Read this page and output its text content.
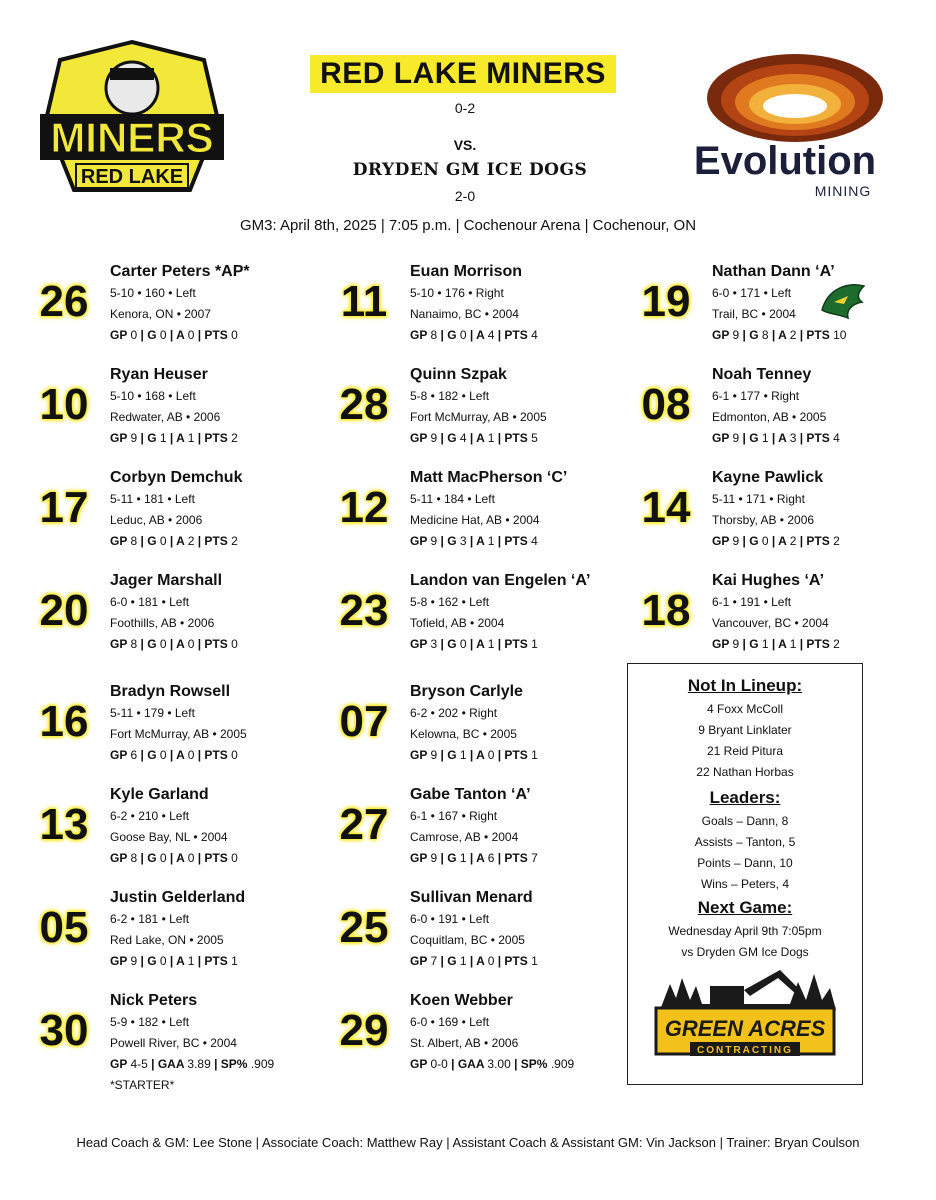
MINERS
RED LAKE	Evolution
MINING
RED LAKE MINERS
0-2
VS.
DRYDEN GM ICE DOGS
2-0
GM3: April 8th, 2025 | 7:05 p.m. | Cochenour Arena | Cochenour, ON
26
Carter Peters *AP*
5-10 • 160 • Left
Kenora, ON • 2007
GP 0 | G 0 | A 0 | PTS 0
10
Ryan Heuser
5-10 • 168 • Left
Redwater, AB • 2006
GP 9 | G 1 | A 1 | PTS 2
17
Corbyn Demchuk
5-11 • 181 • Left
Leduc, AB • 2006
GP 8 | G 0 | A 2 | PTS 2
20
Jager Marshall
6-0 • 181 • Left
Foothills, AB • 2006
GP 8 | G 0 | A 0 | PTS 0
16
Bradyn Rowsell
5-11 • 179 • Left
Fort McMurray, AB • 2005
GP 6 | G 0 | A 0 | PTS 0
13
Kyle Garland
6-2 • 210 • Left
Goose Bay, NL • 2004
GP 8 | G 0 | A 0 | PTS 0
05
Justin Gelderland
6-2 • 181 • Left
Red Lake, ON • 2005
GP 9 | G 0 | A 1 | PTS 1
11
Euan Morrison
5-10 • 176 • Right
Nanaimo, BC • 2004
GP 8 | G 0 | A 4 | PTS 4
28
Quinn Szpak
5-8 • 182 • Left
Fort McMurray, AB • 2005
GP 9 | G 4 | A 1 | PTS 5
12
Matt MacPherson ‘C’
5-11 • 184 • Left
Medicine Hat, AB • 2004
GP 9 | G 3 | A 1 | PTS 4
23
Landon van Engelen ‘A’
5-8 • 162 • Left
Tofield, AB • 2004
GP 3 | G 0 | A 1 | PTS 1
07
Bryson Carlyle
6-2 • 202 • Right
Kelowna, BC • 2005
GP 9 | G 1 | A 0 | PTS 1
27
Gabe Tanton ‘A’
6-1 • 167 • Right
Camrose, AB • 2004
GP 9 | G 1 | A 6 | PTS 7
25
Sullivan Menard
6-0 • 191 • Left
Coquitlam, BC • 2005
GP 7 | G 1 | A 0 | PTS 1
19
Nathan Dann ‘A’
6-0 • 171 • Left
Trail, BC • 2004
GP 9 | G 8 | A 2 | PTS 10
08
Noah Tenney
6-1 • 177 • Right
Edmonton, AB • 2005
GP 9 | G 1 | A 3 | PTS 4
14
Kayne Pawlick
5-11 • 171 • Right
Thorsby, AB • 2006
GP 9 | G 0 | A 2 | PTS 2
18
Kai Hughes ‘A’
6-1 • 191 • Left
Vancouver, BC • 2004
GP 9 | G 1 | A 1 | PTS 2
30
Nick Peters
5-9 • 182 • Left
Powell River, BC • 2004
GP 4-5 | GAA 3.89 | SP% .909
*STARTER*
29
Koen Webber
6-0 • 169 • Left
St. Albert, AB • 2006
GP 0-0 | GAA 3.00 | SP% .909
Not In Lineup:
4 Foxx McColl
9 Bryant Linklater
21 Reid Pitura
22 Nathan Horbas
Leaders:
Goals – Dann, 8
Assists – Tanton, 5
Points – Dann, 10
Wins – Peters, 4
Next Game:
Wednesday April 9th 7:05pm
vs Dryden GM Ice Dogs
GREEN ACRES
CONTRACTING
Head Coach & GM: Lee Stone | Associate Coach: Matthew Ray | Assistant Coach & Assistant GM: Vin Jackson | Trainer: Bryan Coulson
